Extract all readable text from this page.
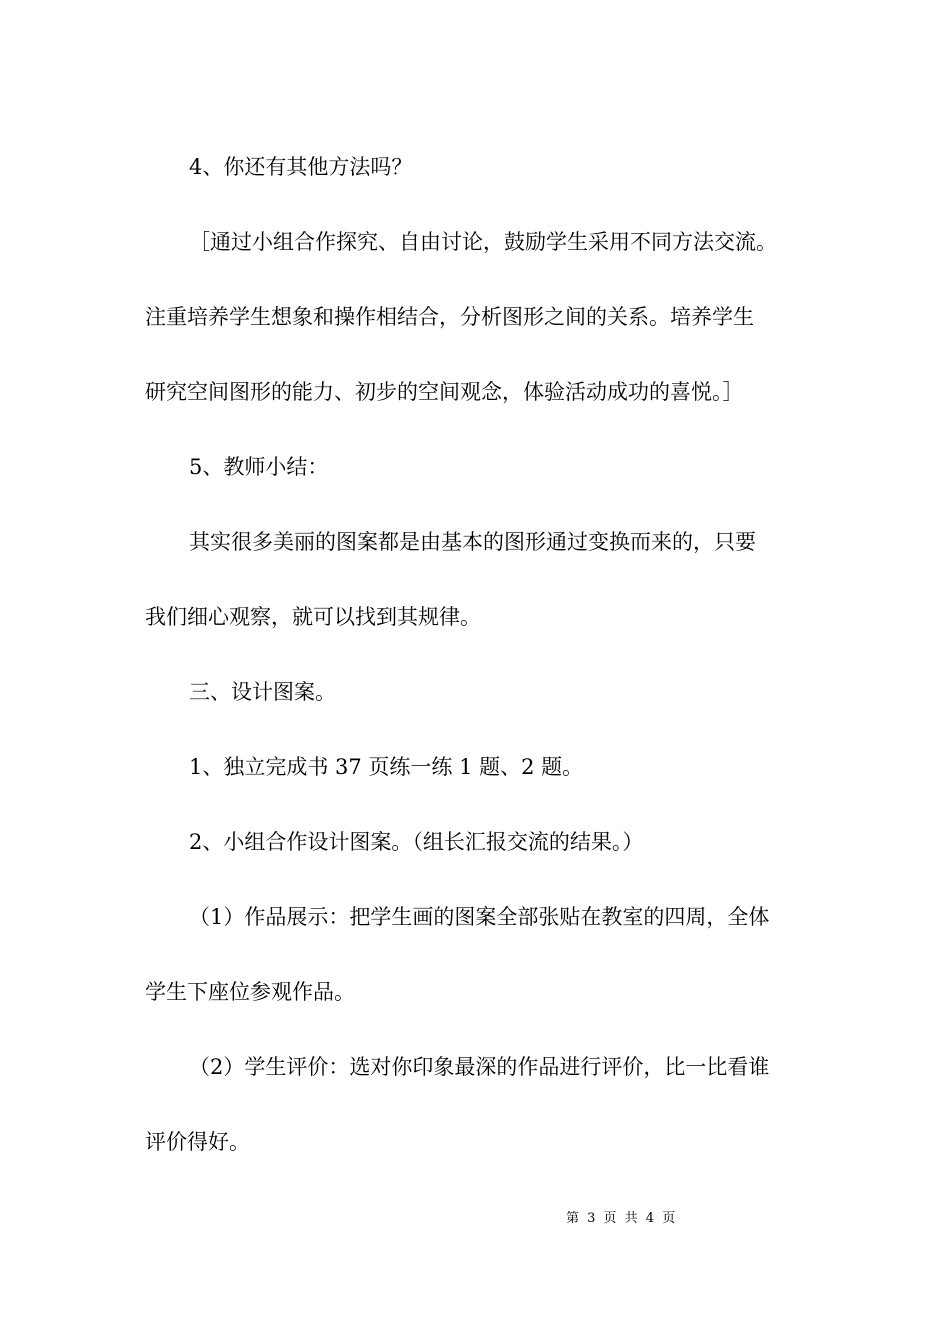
4、你还有其他方法吗？
［通过小组合作探究、自由讨论，鼓励学生采用不同方法交流。
注重培养学生想象和操作相结合，分析图形之间的关系。培养学生
研究空间图形的能力、初步的空间观念，体验活动成功的喜悦。］
5、教师小结：
其实很多美丽的图案都是由基本的图形通过变换而来的，只要
我们细心观察，就可以找到其规律。
三、设计图案。
1、独立完成书 37 页练一练 1 题、2 题。
2、小组合作设计图案。（组长汇报交流的结果。）
（1）作品展示：把学生画的图案全部张贴在教室的四周，全体
学生下座位参观作品。
（2）学生评价：选对你印象最深的作品进行评价，比一比看谁
评价得好。
第 3 页 共 4 页
